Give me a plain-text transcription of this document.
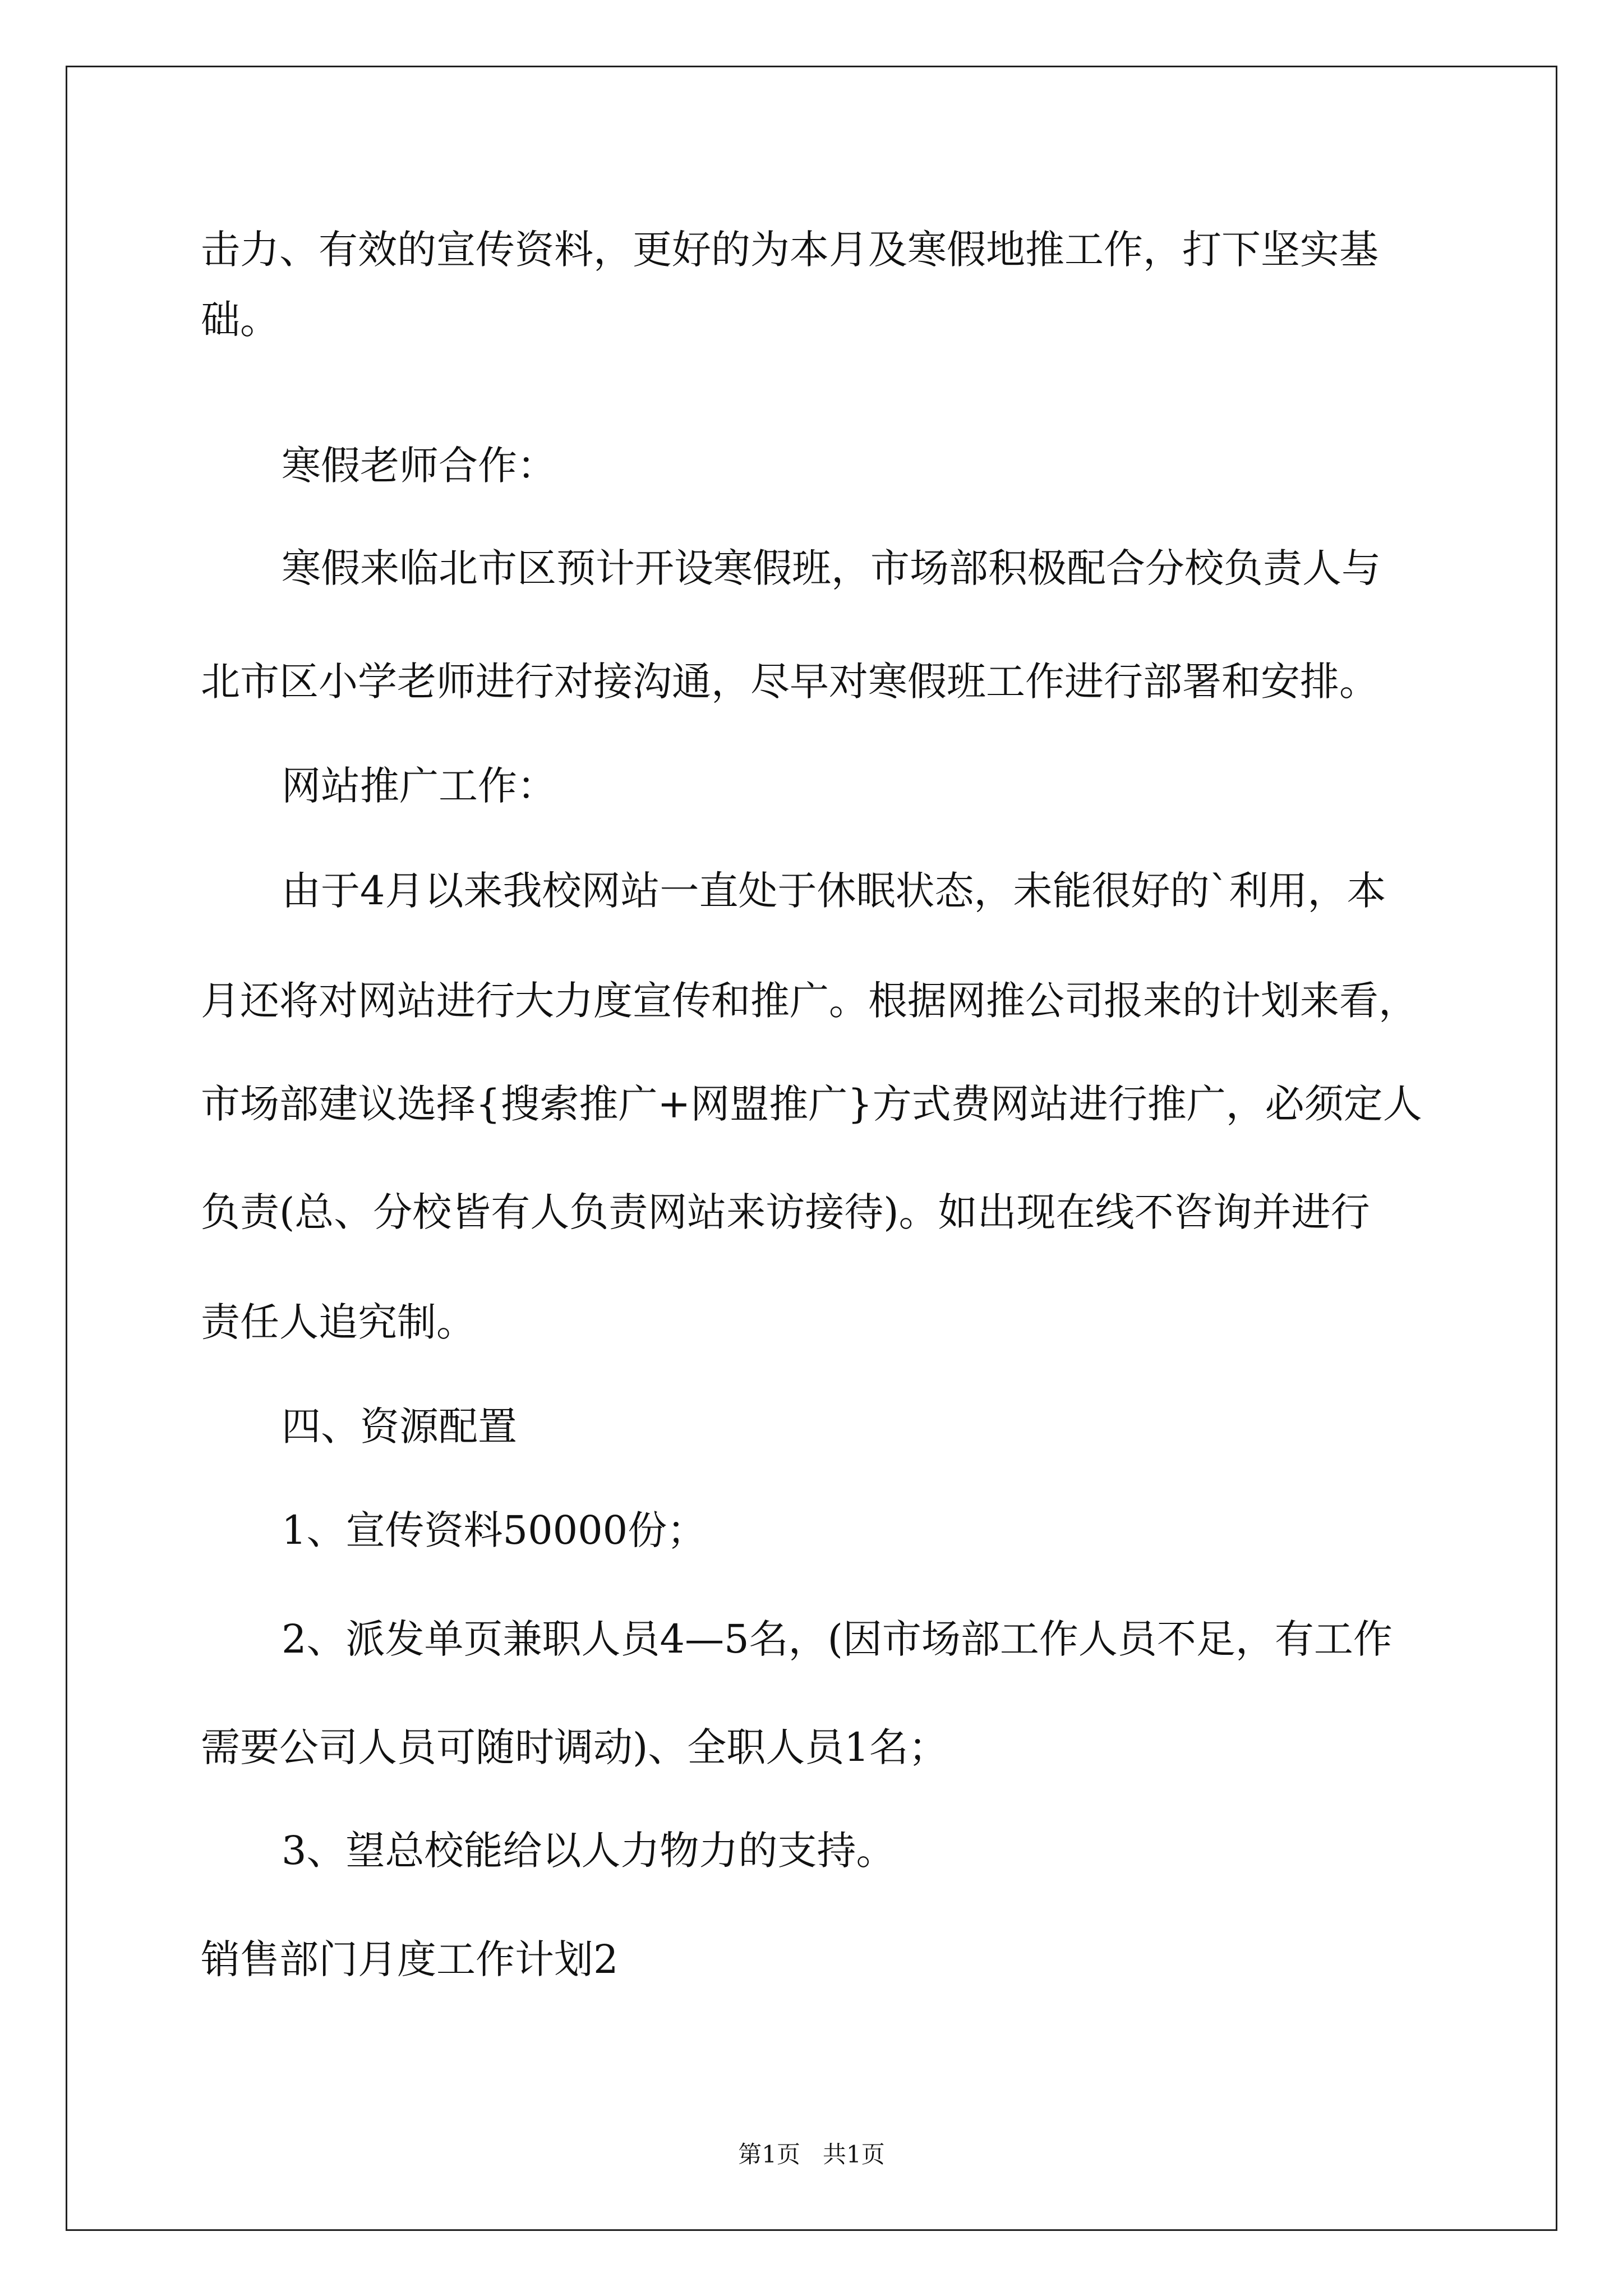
击力、有效的宣传资料，更好的为本月及寒假地推工作，打下坚实基
础。
寒假老师合作：
寒假来临北市区预计开设寒假班，市场部积极配合分校负责人与
北市区小学老师进行对接沟通，尽早对寒假班工作进行部署和安排。
网站推广工作：
由于4月以来我校网站一直处于休眠状态，未能很好的`利用，本
月还将对网站进行大力度宣传和推广。根据网推公司报来的计划来看，
市场部建议选择{搜索推广+网盟推广}方式费网站进行推广，必须定人
负责(总、分校皆有人负责网站来访接待)。如出现在线不咨询并进行
责任人追究制。
四、资源配置
1、宣传资料50000份；
2、派发单页兼职人员4—5名，(因市场部工作人员不足，有工作
需要公司人员可随时调动)、全职人员1名；
3、望总校能给以人力物力的支持。
销售部门月度工作计划2
第1页   共1页
